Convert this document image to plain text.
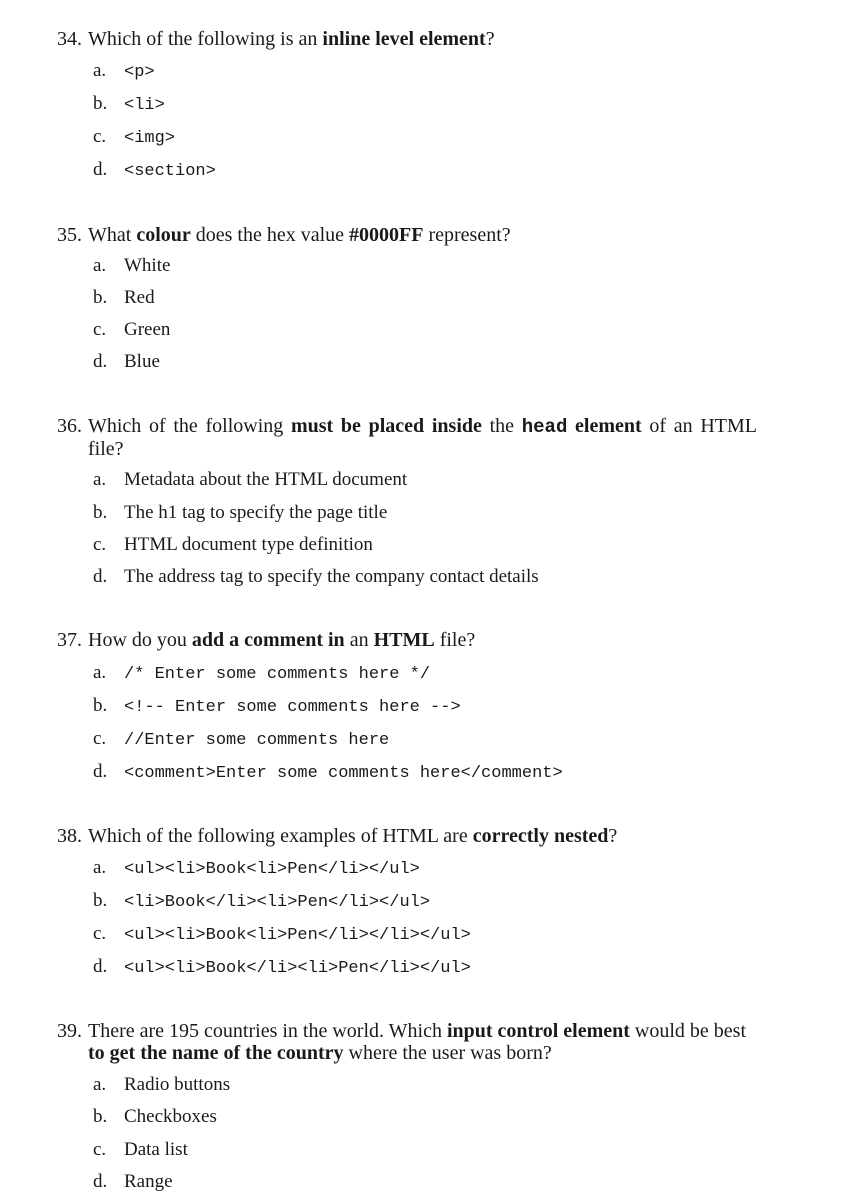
34. Which of the following is an inline level element?
a. <p>
b. <li>
c. <img>
d. <section>
35. What colour does the hex value #0000FF represent?
a. White
b. Red
c. Green
d. Blue
36. Which of the following must be placed inside the head element of an HTML file?
a. Metadata about the HTML document
b. The h1 tag to specify the page title
c. HTML document type definition
d. The address tag to specify the company contact details
37. How do you add a comment in an HTML file?
a. /* Enter some comments here */
b. <!-- Enter some comments here -->
c. //Enter some comments here
d. <comment>Enter some comments here</comment>
38. Which of the following examples of HTML are correctly nested?
a. <ul><li>Book<li>Pen</li></ul>
b. <li>Book</li><li>Pen</li></ul>
c. <ul><li>Book<li>Pen</li></li></ul>
d. <ul><li>Book</li><li>Pen</li></ul>
39. There are 195 countries in the world. Which input control element would be best to get the name of the country where the user was born?
a. Radio buttons
b. Checkboxes
c. Data list
d. Range
